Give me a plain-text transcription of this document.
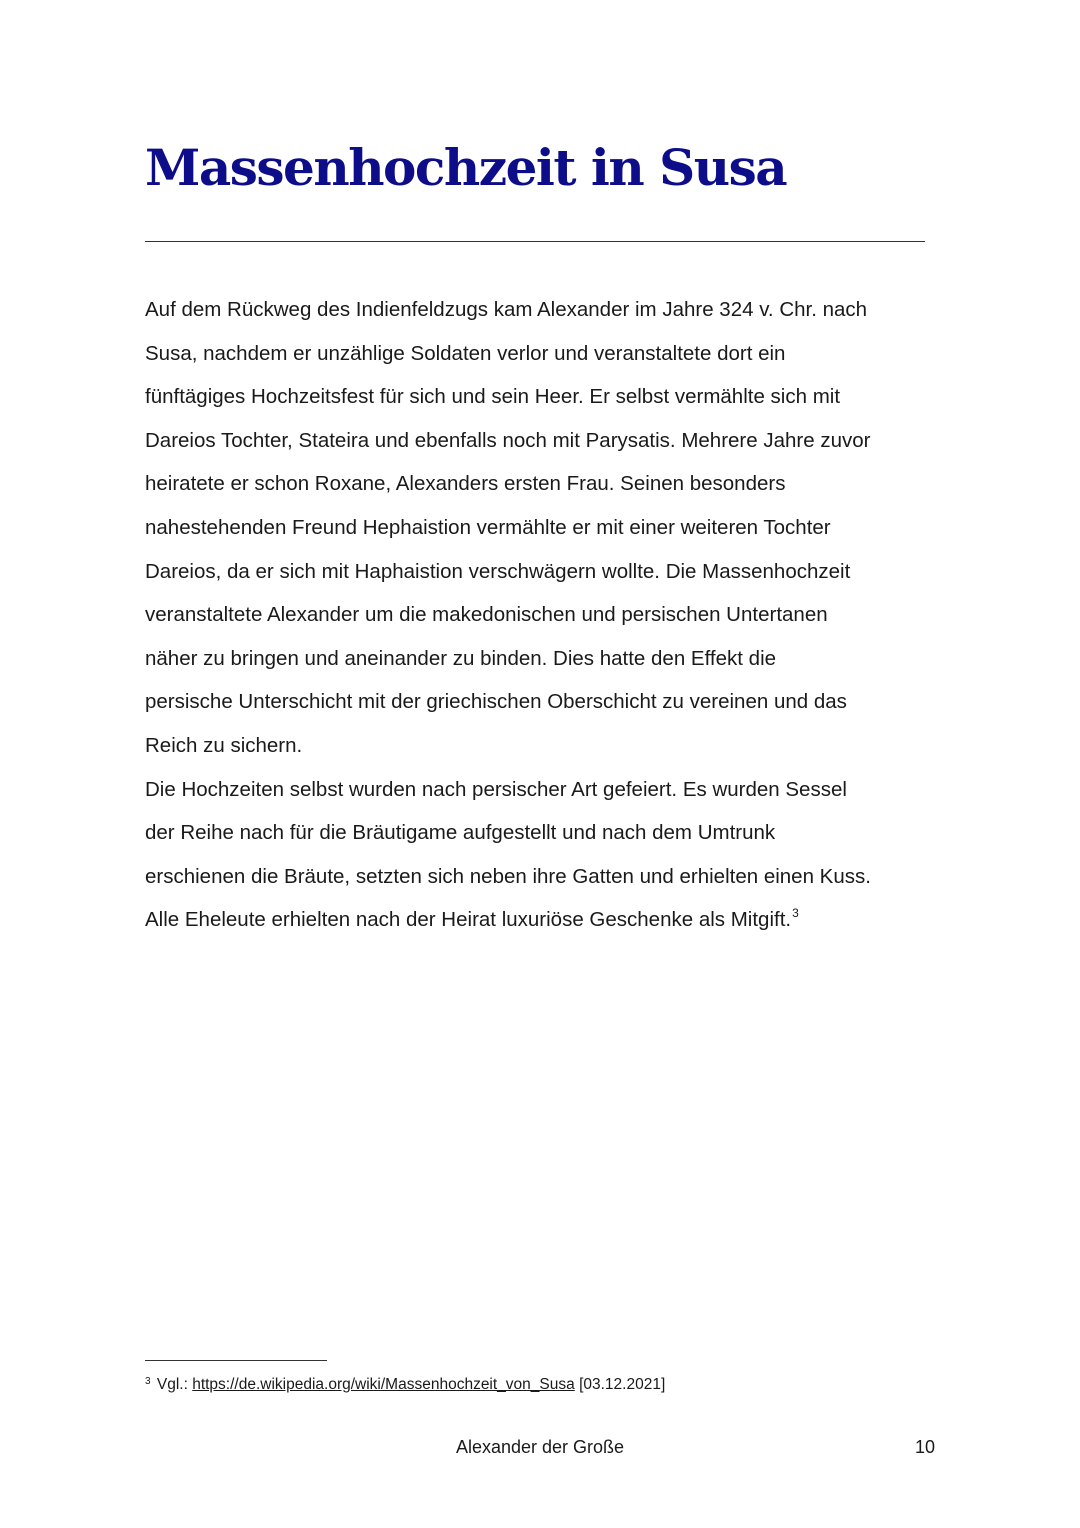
Massenhochzeit in Susa
Auf dem Rückweg des Indienfeldzugs kam Alexander im Jahre 324 v. Chr. nach
Susa, nachdem er unzählige Soldaten verlor und veranstaltete dort ein
fünftägiges Hochzeitsfest für sich und sein Heer. Er selbst vermählte sich mit
Dareios Tochter, Stateira und ebenfalls noch mit Parysatis. Mehrere Jahre zuvor
heiratete er schon Roxane, Alexanders ersten Frau. Seinen besonders
nahestehenden Freund Hephaistion vermählte er mit einer weiteren Tochter
Dareios, da er sich mit Haphaistion verschwägern wollte. Die Massenhochzeit
veranstaltete Alexander um die makedonischen und persischen Untertanen
näher zu bringen und aneinander zu binden. Dies hatte den Effekt die
persische Unterschicht mit der griechischen Oberschicht zu vereinen und das
Reich zu sichern.
Die Hochzeiten selbst wurden nach persischer Art gefeiert. Es wurden Sessel
der Reihe nach für die Bräutigame aufgestellt und nach dem Umtrunk
erschienen die Bräute, setzten sich neben ihre Gatten und erhielten einen Kuss.
Alle Eheleute erhielten nach der Heirat luxuriöse Geschenke als Mitgift.$^3$
$^3$ Vgl.: https://de.wikipedia.org/wiki/Massenhochzeit_von_Susa [03.12.2021]
Alexander der Große	10
